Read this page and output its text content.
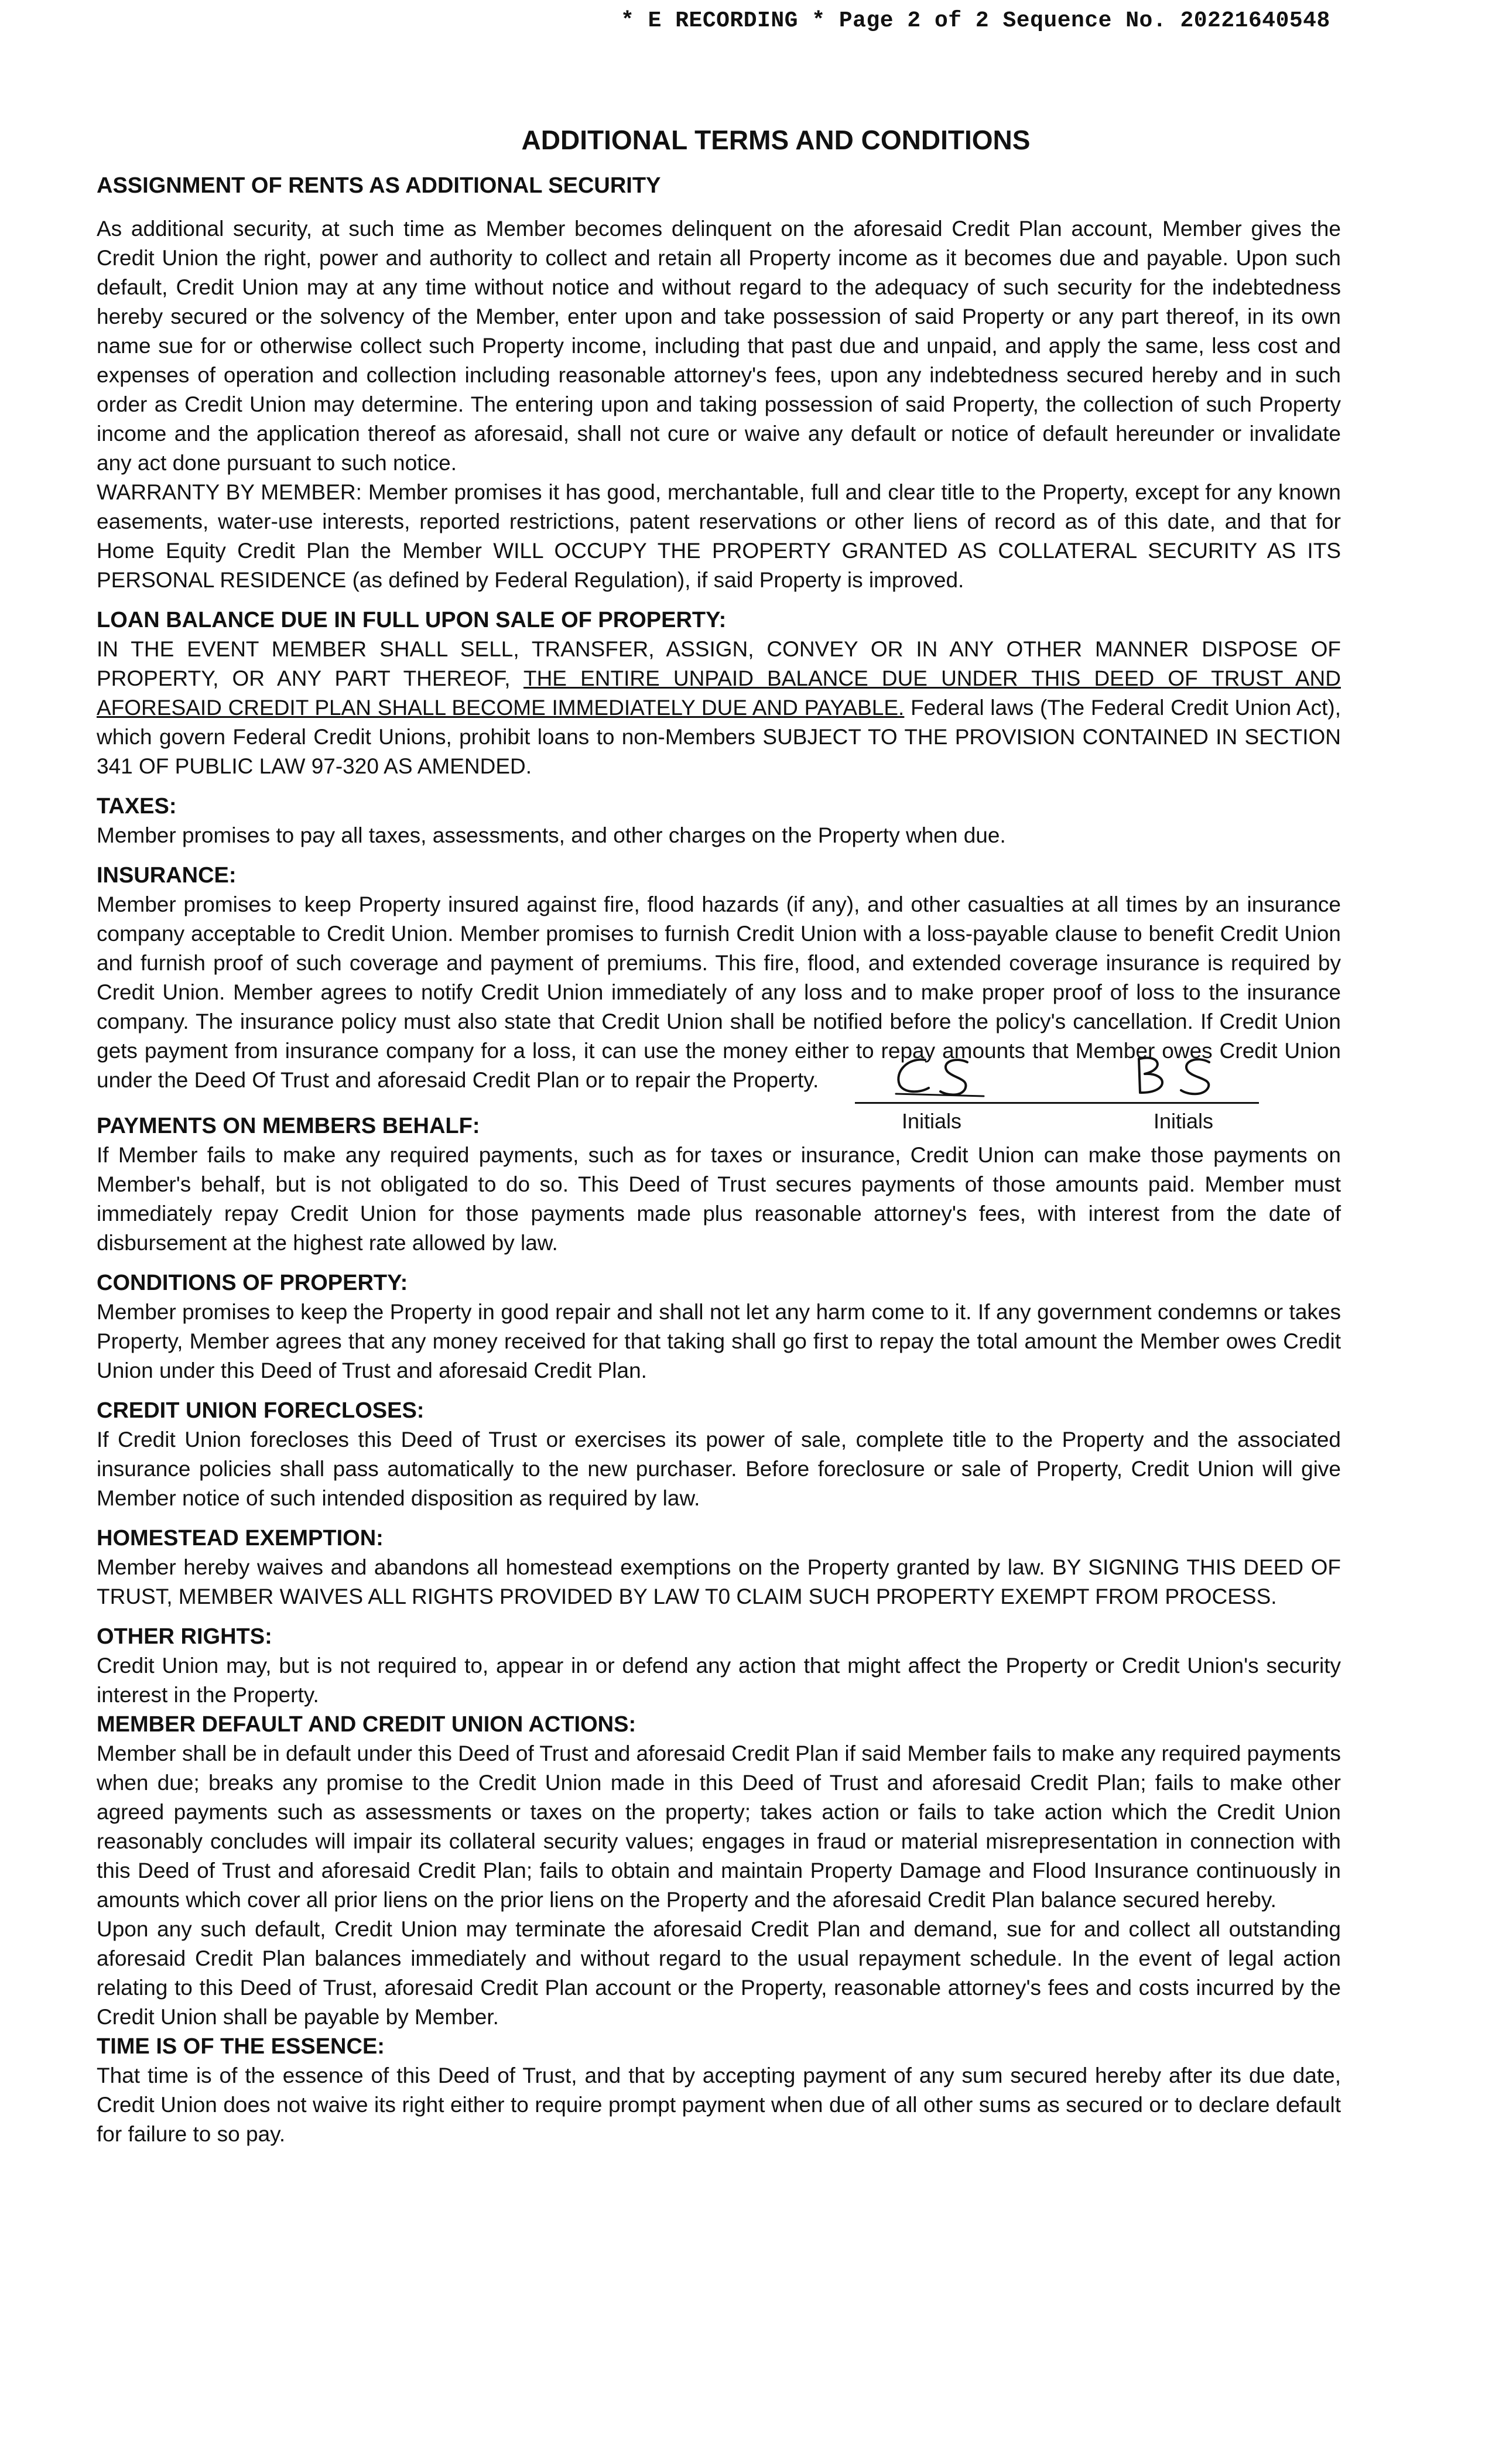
* E RECORDING * Page 2 of 2 Sequence No. 20221640548
ADDITIONAL TERMS AND CONDITIONS

ASSIGNMENT OF RENTS AS ADDITIONAL SECURITY

As additional security, at such time as Member becomes delinquent on the aforesaid Credit Plan account, Member gives the Credit Union the right, power and authority to collect and retain all Property income as it becomes due and payable. Upon such default, Credit Union may at any time without notice and without regard to the adequacy of such security for the indebtedness hereby secured or the solvency of the Member, enter upon and take possession of said Property or any part thereof, in its own name sue for or otherwise collect such Property income, including that past due and unpaid, and apply the same, less cost and expenses of operation and collection including reasonable attorney's fees, upon any indebtedness secured hereby and in such order as Credit Union may determine. The entering upon and taking possession of said Property, the collection of such Property income and the application thereof as aforesaid, shall not cure or waive any default or notice of default hereunder or invalidate any act done pursuant to such notice.

WARRANTY BY MEMBER: Member promises it has good, merchantable, full and clear title to the Property, except for any known easements, water-use interests, reported restrictions, patent reservations or other liens of record as of this date, and that for Home Equity Credit Plan the Member WILL OCCUPY THE PROPERTY GRANTED AS COLLATERAL SECURITY AS ITS PERSONAL RESIDENCE (as defined by Federal Regulation), if said Property is improved.

LOAN BALANCE DUE IN FULL UPON SALE OF PROPERTY:

IN THE EVENT MEMBER SHALL SELL, TRANSFER, ASSIGN, CONVEY OR IN ANY OTHER MANNER DISPOSE OF PROPERTY, OR ANY PART THEREOF, THE ENTIRE UNPAID BALANCE DUE UNDER THIS DEED OF TRUST AND AFORESAID CREDIT PLAN SHALL BECOME IMMEDIATELY DUE AND PAYABLE. Federal laws (The Federal Credit Union Act), which govern Federal Credit Unions, prohibit loans to non-Members SUBJECT TO THE PROVISION CONTAINED IN SECTION 341 OF PUBLIC LAW 97-320 AS AMENDED.

TAXES:

Member promises to pay all taxes, assessments, and other charges on the Property when due.

INSURANCE:

Member promises to keep Property insured against fire, flood hazards (if any), and other casualties at all times by an insurance company acceptable to Credit Union. Member promises to furnish Credit Union with a loss-payable clause to benefit Credit Union and furnish proof of such coverage and payment of premiums. This fire, flood, and extended coverage insurance is required by Credit Union. Member agrees to notify Credit Union immediately of any loss and to make proper proof of loss to the insurance company. The insurance policy must also state that Credit Union shall be notified before the policy's cancellation. If Credit Union gets payment from insurance company for a loss, it can use the money either to repay amounts that Member owes Credit Union under the Deed Of Trust and aforesaid Credit Plan or to repair the Property.

PAYMENTS ON MEMBERS BEHALF:	Initials	Initials

If Member fails to make any required payments, such as for taxes or insurance, Credit Union can make those payments on Member's behalf, but is not obligated to do so. This Deed of Trust secures payments of those amounts paid. Member must immediately repay Credit Union for those payments made plus reasonable attorney's fees, with interest from the date of disbursement at the highest rate allowed by law.

CONDITIONS OF PROPERTY:

Member promises to keep the Property in good repair and shall not let any harm come to it. If any government condemns or takes Property, Member agrees that any money received for that taking shall go first to repay the total amount the Member owes Credit Union under this Deed of Trust and aforesaid Credit Plan.

CREDIT UNION FORECLOSES:

If Credit Union forecloses this Deed of Trust or exercises its power of sale, complete title to the Property and the associated insurance policies shall pass automatically to the new purchaser. Before foreclosure or sale of Property, Credit Union will give Member notice of such intended disposition as required by law.

HOMESTEAD EXEMPTION:

Member hereby waives and abandons all homestead exemptions on the Property granted by law. BY SIGNING THIS DEED OF TRUST, MEMBER WAIVES ALL RIGHTS PROVIDED BY LAW T0 CLAIM SUCH PROPERTY EXEMPT FROM PROCESS.

OTHER RIGHTS:

Credit Union may, but is not required to, appear in or defend any action that might affect the Property or Credit Union's security interest in the Property.

MEMBER DEFAULT AND CREDIT UNION ACTIONS:

Member shall be in default under this Deed of Trust and aforesaid Credit Plan if said Member fails to make any required payments when due; breaks any promise to the Credit Union made in this Deed of Trust and aforesaid Credit Plan; fails to make other agreed payments such as assessments or taxes on the property; takes action or fails to take action which the Credit Union reasonably concludes will impair its collateral security values; engages in fraud or material misrepresentation in connection with this Deed of Trust and aforesaid Credit Plan; fails to obtain and maintain Property Damage and Flood Insurance continuously in amounts which cover all prior liens on the prior liens on the Property and the aforesaid Credit Plan balance secured hereby.

Upon any such default, Credit Union may terminate the aforesaid Credit Plan and demand, sue for and collect all outstanding aforesaid Credit Plan balances immediately and without regard to the usual repayment schedule. In the event of legal action relating to this Deed of Trust, aforesaid Credit Plan account or the Property, reasonable attorney's fees and costs incurred by the Credit Union shall be payable by Member.

TIME IS OF THE ESSENCE:

That time is of the essence of this Deed of Trust, and that by accepting payment of any sum secured hereby after its due date, Credit Union does not waive its right either to require prompt payment when due of all other sums as secured or to declare default for failure to so pay.
